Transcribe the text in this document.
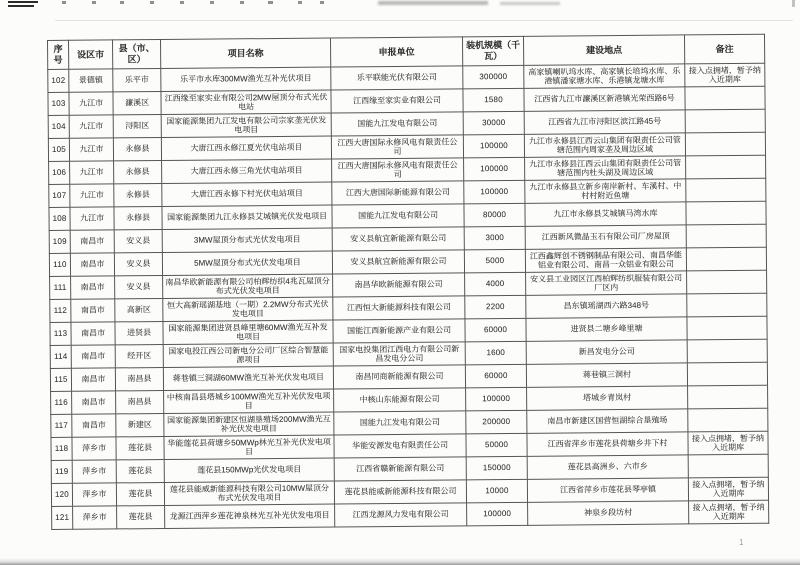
序号	设区市	县（市、区）	项目名称	申报单位	装机规模（千瓦）	建设地点	备注
102	景德镇	乐平市	乐平市水库300MW渔光互补光伏项目	乐平联能光伏有限公司	300000	高家镇喇叭坞水库、高家镇长培坞水库、乐港镇潘家塘水库、乐港镇龙塘水库	接入点拥堵，暂予纳入近期库
103	九江市	濂溪区	江西缘至家实业有限公司2MW屋顶分布式光伏电站	江西缘至家实业有限公司	1580	江西省九江市濂溪区新港镇光荣西路6号	
104	九江市	浔阳区	国家能源集团九江发电有限公司宗家垄光伏发电项目	国能九江发电有限公司	30000	江西省九江市浔阳区滨江路45号	
105	九江市	永修县	大唐江西永修江夏光伏电站项目	江西大唐国际永修风电有限责任公司	100000	九江市永修县江西云山集团有限责任公司管辖范围内周家垄及周边区域	
106	九江市	永修县	大唐江西永修三角光伏电站项目	江西大唐国际永修风电有限责任公司	100000	九江市永修县江西云山集团有限责任公司管辖范围内杜头湖及周边区域	
107	九江市	永修县	大唐江西永修下村光伏电站项目	江西大唐国际新能源有限公司	100000	九江市永修县立新乡南岸新村、车溪村、中村村附近鱼塘	
108	九江市	永修县	国家能源集团九江永修县艾城镇光伏发电项目	国能九江发电有限公司	80000	九江市永修县艾城镇马湾水库	
109	南昌市	安义县	3MW屋顶分布式光伏发电项目	安义县航宜新能源有限公司	3000	江西新风微晶玉石有限公司厂房屋顶	
110	南昌市	安义县	5MW屋顶分布式光伏发电项目	安义县航宜新能源有限公司	5000	江西鑫辉创不锈钢制品有限公司、南昌华能铝业有限公司、南昌一众铝业有限公司	
111	南昌市	安义县	南昌华欧新能源有限公司柏辉纺织4兆瓦屋顶分布式光伏发电项目	南昌华欧新能源有限公司	4000	安义县工业园区江西柏辉纺织服装有限公司厂区内	
112	南昌市	高新区	恒大高新瑶湖基地（一期）2.2MW分布式光伏发电项目	江西恒大新能源科技有限公司	2200	昌东镇瑶湖西六路348号	
113	南昌市	进贤县	国家能源集团进贤县峰里塘60MW渔光互补发电项目	国能江西新能源产业有限公司	60000	进贤县二塘乡峰里塘	
114	南昌市	经开区	国家电投江西公司新电分公司厂区综合智慧能源项目	国家电投集团江西电力有限公司新昌发电分公司	1600	新昌发电分公司	
115	南昌市	南昌县	蒋巷镇三洞湖60MW渔光互补光伏发电项目	南昌同商新能源有限公司	60000	蒋巷镇三洞村	
116	南昌市	南昌县	中核南昌县塔城乡100MW渔光互补光伏发电项目	中核山东能源有限公司	100000	塔城乡青岚村	
117	南昌市	新建区	国家能源集团新建区恒湖垦殖场200MW渔光互补光伏发电项目	国能九江发电有限公司	200000	南昌市新建区国营恒湖综合垦殖场	
118	萍乡市	莲花县	华能莲花县荷塘乡50MWp林光互补光伏发电项目	华能安源发电有限责任公司	50000	江西省萍乡市莲花县荷塘乡井下村	接入点拥堵，暂予纳入近期库
119	萍乡市	莲花县	莲花县150MWp光伏发电项目	江西省赣新能源有限公司	150000	莲花县高洲乡、六市乡	
120	萍乡市	莲花县	莲花县能威新能源科技有限公司10MW屋顶分布式光伏发电项目	莲花县能威新能源科技有限公司	10000	江西省萍乡市莲花县琴亭镇	接入点拥堵，暂予纳入近期库
121	萍乡市	莲花县	龙源江西萍乡莲花神泉林光互补光伏发电项目	江西龙源风力发电有限公司	100000	神泉乡段坊村	接入点拥堵，暂予纳入近期库
1
